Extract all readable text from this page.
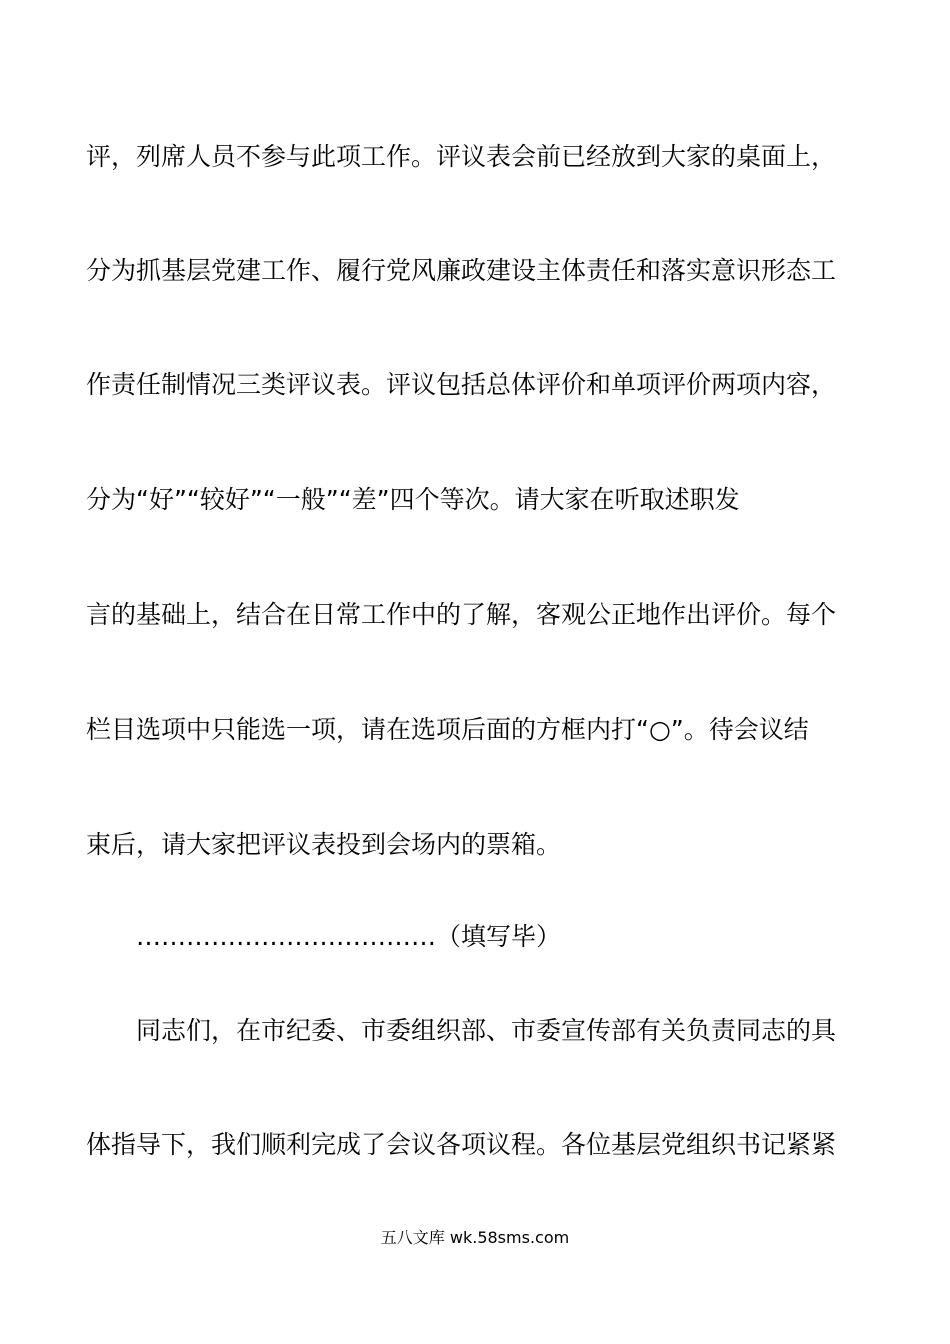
评，列席人员不参与此项工作。评议表会前已经放到大家的桌面上，
分为抓基层党建工作、履行党风廉政建设主体责任和落实意识形态工
作责任制情况三类评议表。评议包括总体评价和单项评价两项内容，
分为“好”“较好”“一般”“差”四个等次。请大家在听取述职发
言的基础上，结合在日常工作中的了解，客观公正地作出评价。每个
栏目选项中只能选一项，请在选项后面的方框内打“○”。待会议结
束后，请大家把评议表投到会场内的票箱。
………………………………（填写毕）
同志们，在市纪委、市委组织部、市委宣传部有关负责同志的具
体指导下，我们顺利完成了会议各项议程。各位基层党组织书记紧紧
五八文库 wk.58sms.com
